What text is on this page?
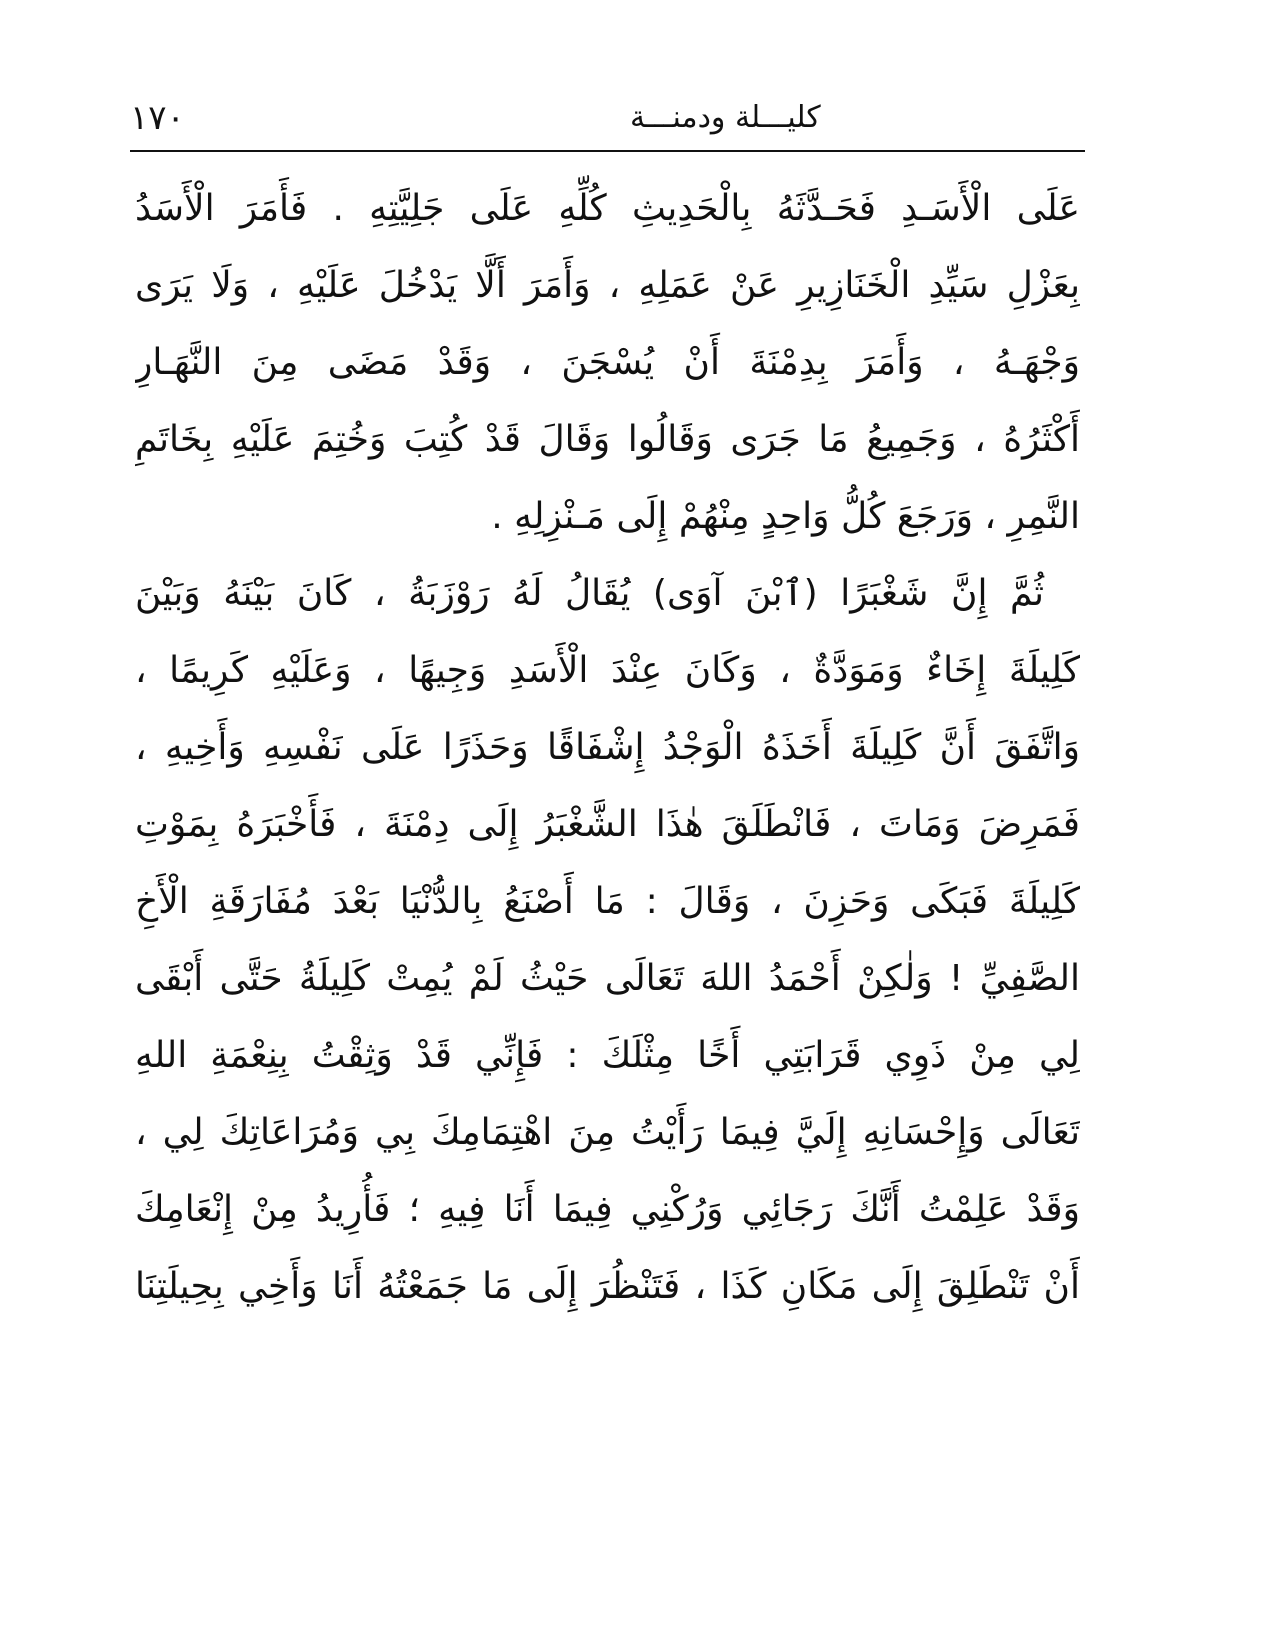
١٧٠	كليـــلة ودمنـــة
عَلَى الْأَسَـدِ فَحَـدَّثَهُ بِالْحَدِيثِ كُلِّهِ عَلَى جَلِيَّتِهِ . فَأَمَرَ الْأَسَدُ
بِعَزْلِ سَيِّدِ الْخَنَازِيرِ عَنْ عَمَلِهِ ، وَأَمَرَ أَلَّا يَدْخُلَ عَلَيْهِ ، وَلَا يَرَى
وَجْهَـهُ ، وَأَمَرَ بِدِمْنَةَ أَنْ يُسْجَنَ ، وَقَدْ مَضَى مِنَ النَّهَـارِ
أَكْثَرُهُ ، وَجَمِيعُ مَا جَرَى وَقَالُوا وَقَالَ قَدْ كُتِبَ وَخُتِمَ عَلَيْهِ بِخَاتَمِ
النَّمِرِ ، وَرَجَعَ كُلُّ وَاحِدٍ مِنْهُمْ إِلَى مَـنْزِلِهِ .
ثُمَّ إِنَّ شَغْبَرًا (ٱبْنَ آوَى) يُقَالُ لَهُ رَوْزَبَةُ ، كَانَ بَيْنَهُ وَبَيْنَ
كَلِيلَةَ إِخَاءٌ وَمَوَدَّةٌ ، وَكَانَ عِنْدَ الْأَسَدِ وَجِيهًا ، وَعَلَيْهِ كَرِيمًا ،
وَاتَّفَقَ أَنَّ كَلِيلَةَ أَخَذَهُ الْوَجْدُ إِشْفَاقًا وَحَذَرًا عَلَى نَفْسِهِ وَأَخِيهِ ،
فَمَرِضَ وَمَاتَ ، فَانْطَلَقَ هٰذَا الشَّغْبَرُ إِلَى دِمْنَةَ ، فَأَخْبَرَهُ بِمَوْتِ
كَلِيلَةَ فَبَكَى وَحَزِنَ ، وَقَالَ : مَا أَصْنَعُ بِالدُّنْيَا بَعْدَ مُفَارَقَةِ الْأَخِ
الصَّفِيِّ ! وَلٰكِنْ أَحْمَدُ اللهَ تَعَالَى حَيْثُ لَمْ يُمِتْ كَلِيلَةُ حَتَّى أَبْقَى
لِي مِنْ ذَوِي قَرَابَتِي أَخًا مِثْلَكَ : فَإِنِّي قَدْ وَثِقْتُ بِنِعْمَةِ اللهِ
تَعَالَى وَإِحْسَانِهِ إِلَيَّ فِيمَا رَأَيْتُ مِنَ اهْتِمَامِكَ بِي وَمُرَاعَاتِكَ لِي ،
وَقَدْ عَلِمْتُ أَنَّكَ رَجَائِي وَرُكْنِي فِيمَا أَنَا فِيهِ ؛ فَأُرِيدُ مِنْ إِنْعَامِكَ
أَنْ تَنْطَلِقَ إِلَى مَكَانِ كَذَا ، فَتَنْظُرَ إِلَى مَا جَمَعْتُهُ أَنَا وَأَخِي بِحِيلَتِنَا
